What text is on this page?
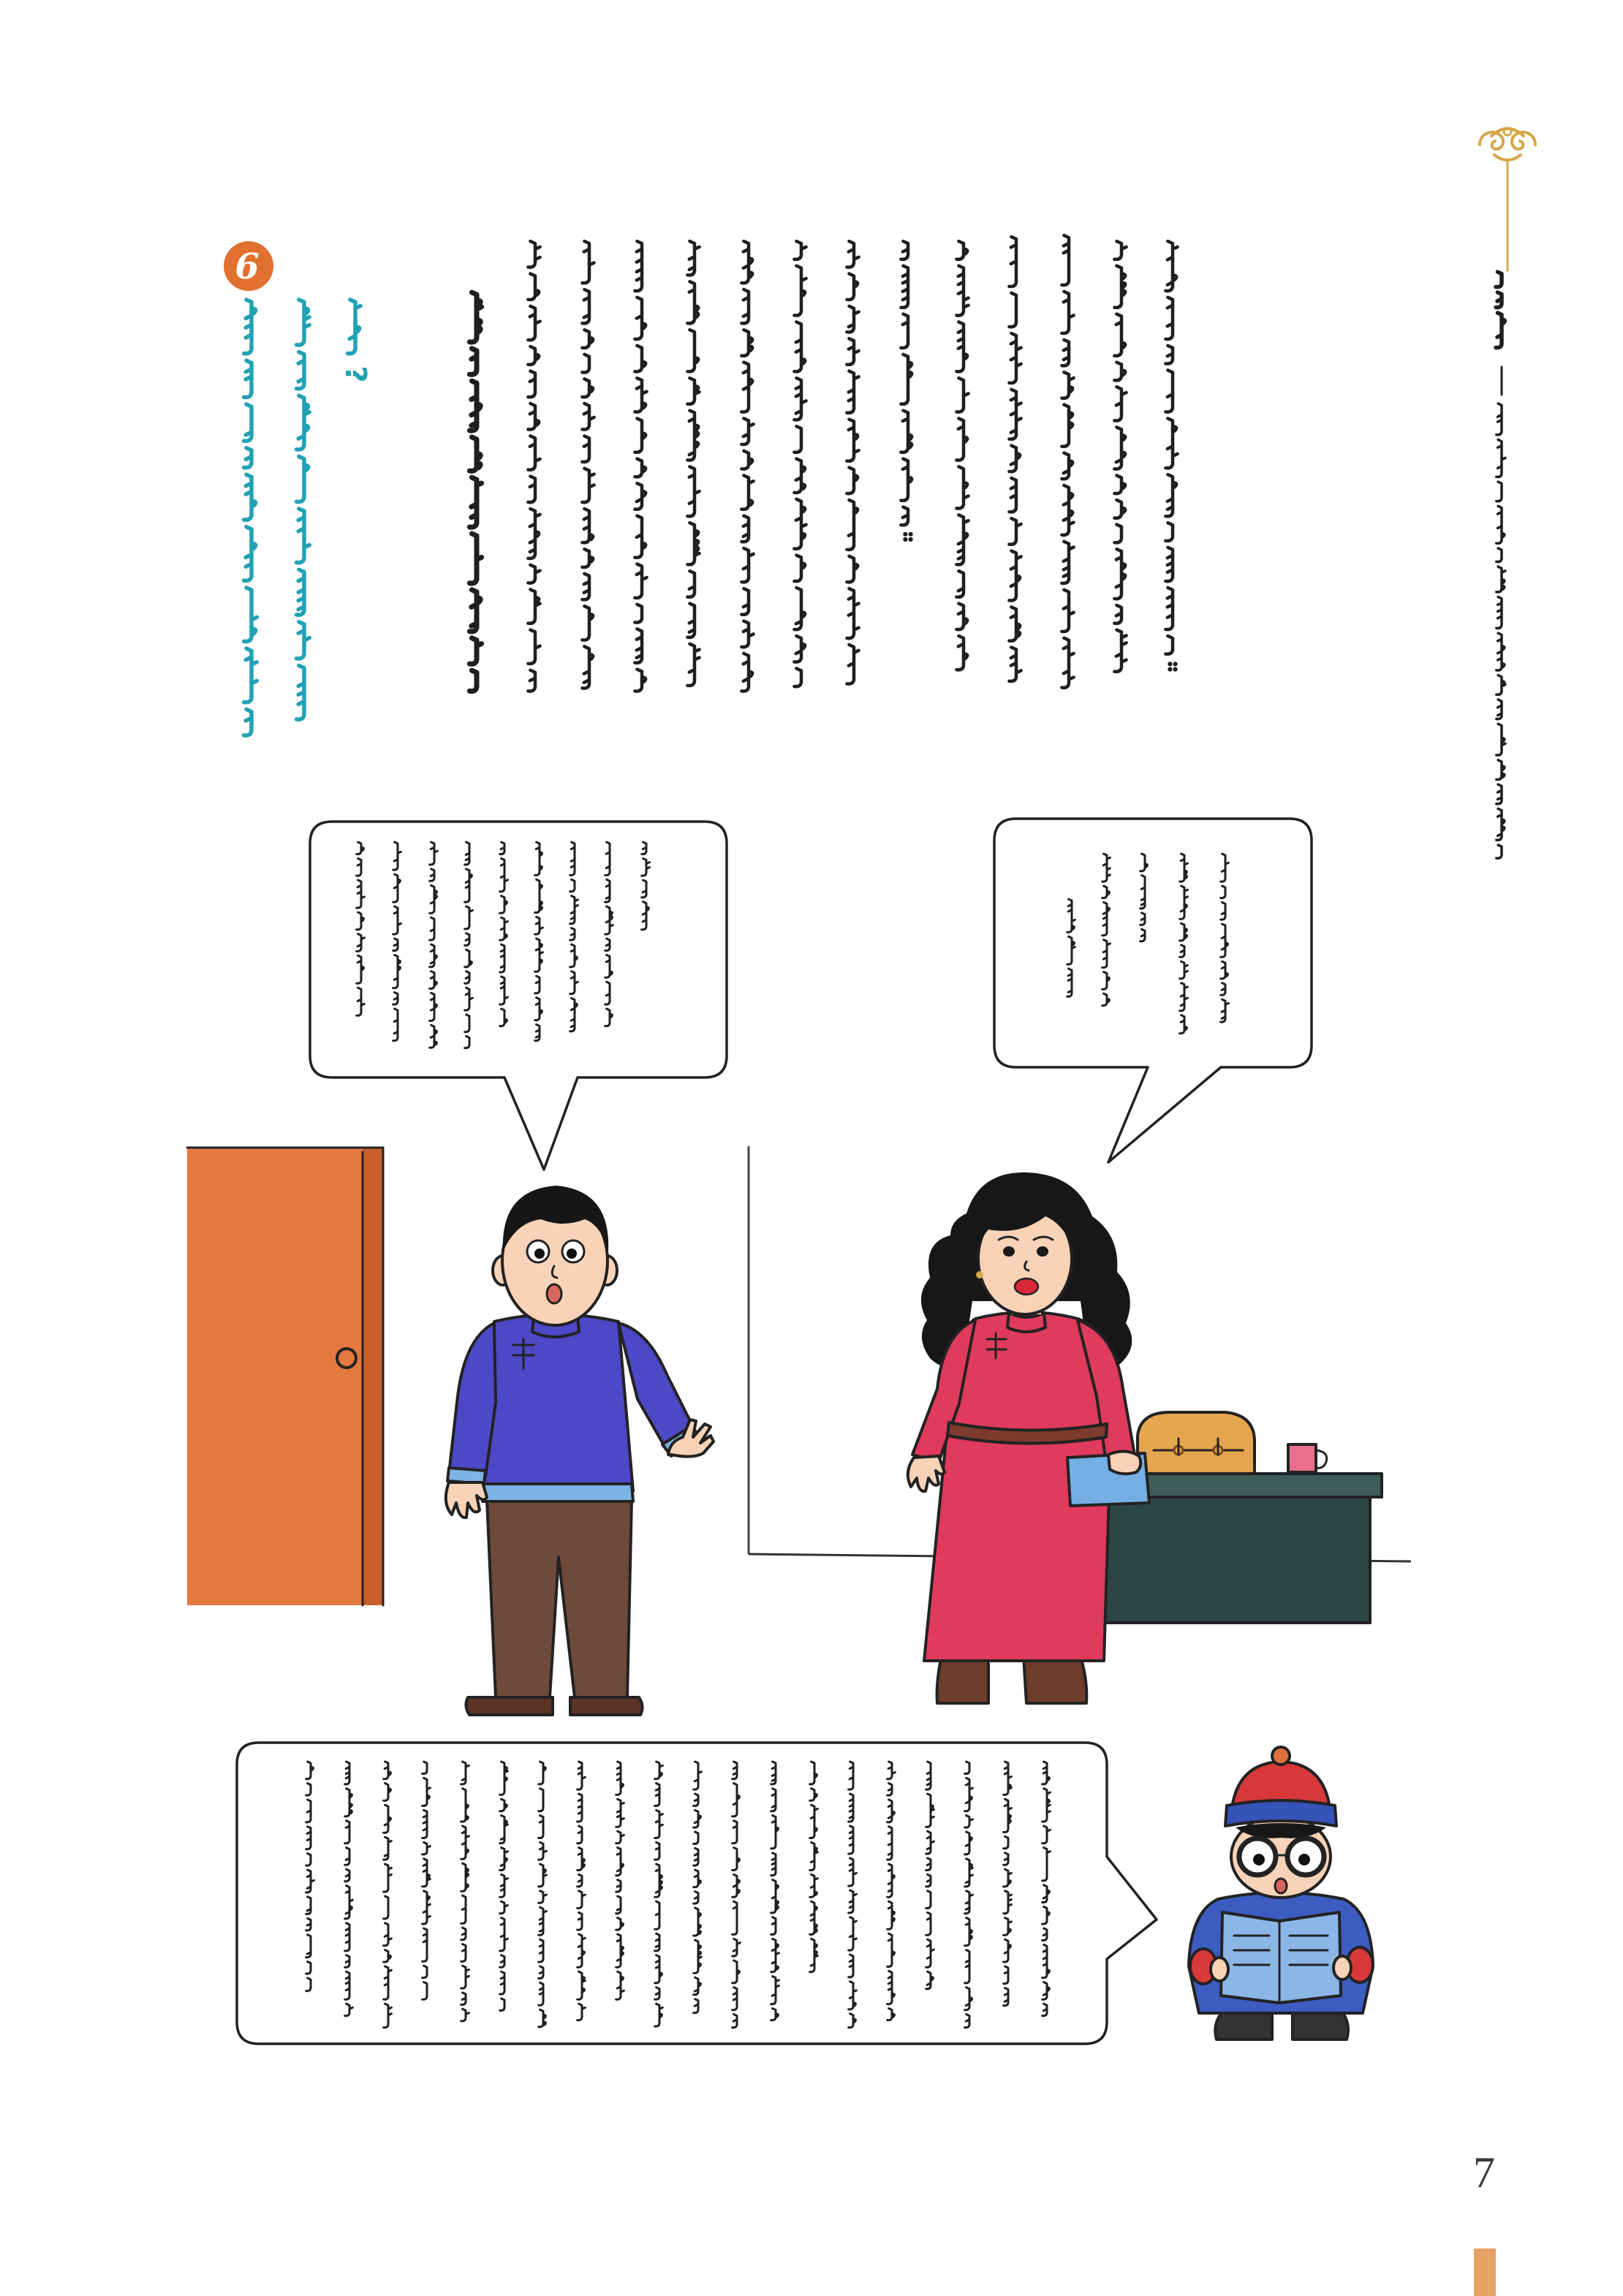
7
6
?
